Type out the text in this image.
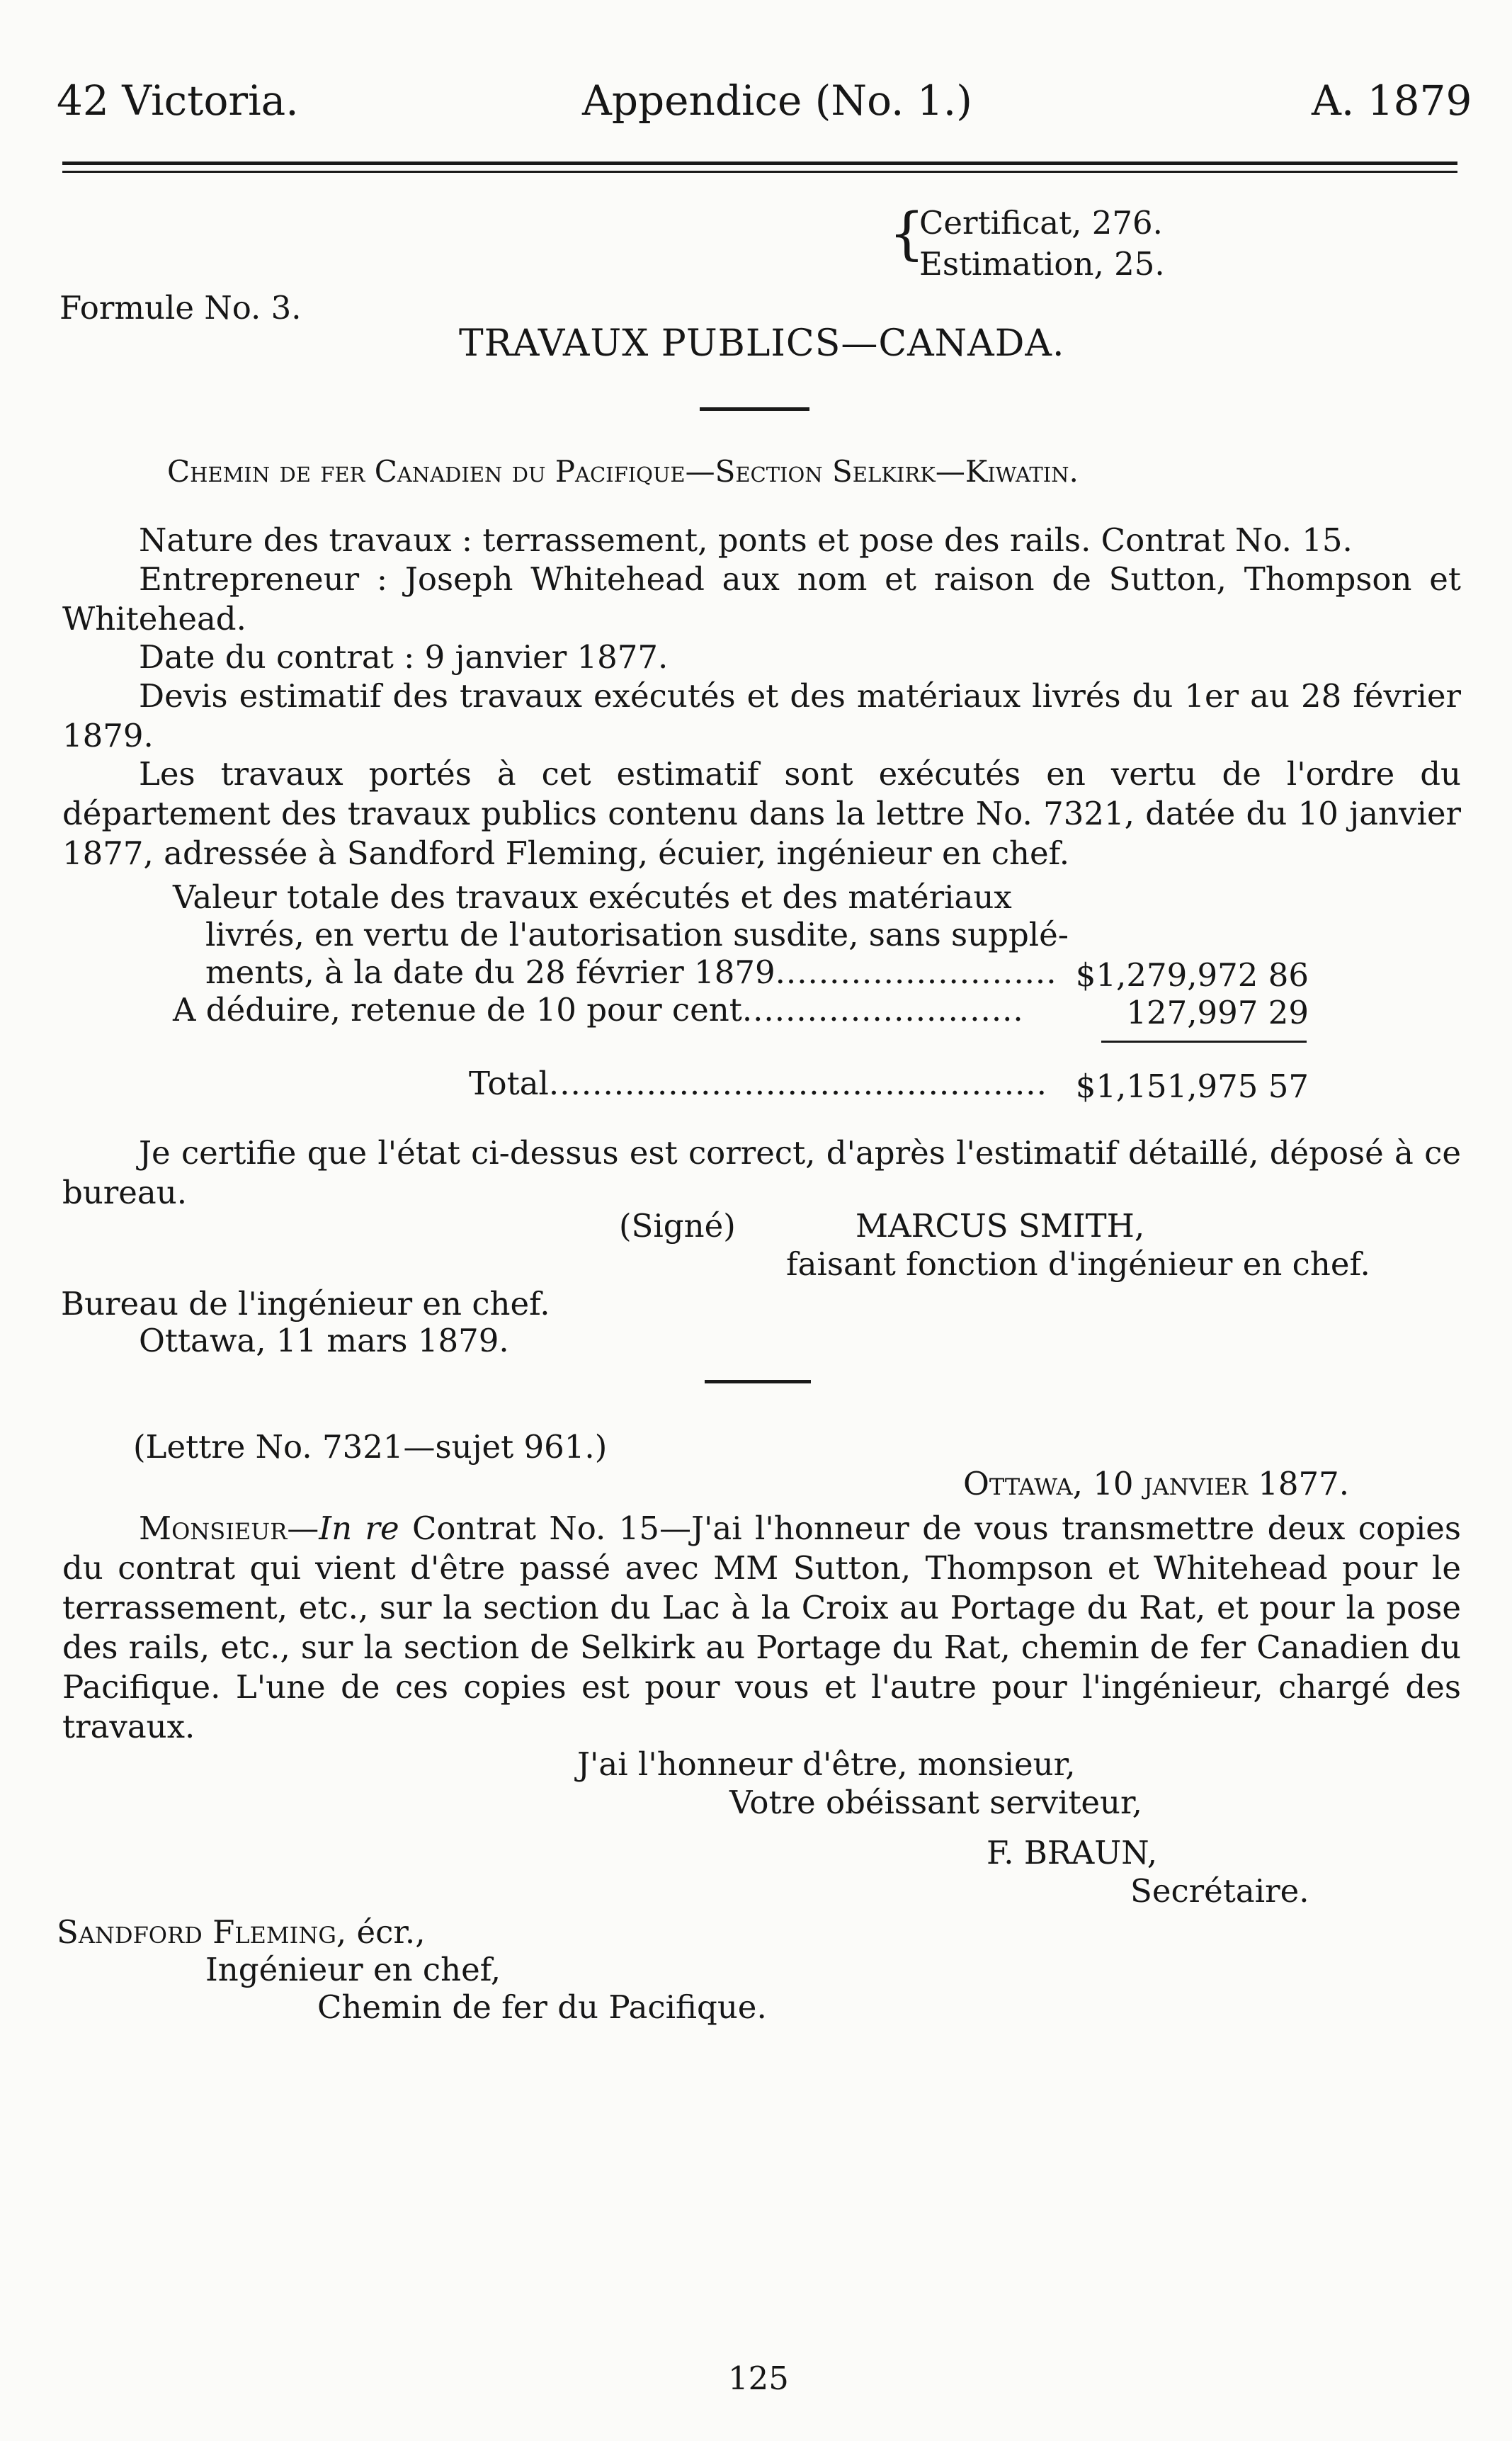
42 Victoria.	Appendice (No. 1.)	A. 1879
{
Certificat, 276.
Estimation, 25.
Formule No. 3.
TRAVAUX PUBLICS—CANADA.
Chemin de fer Canadien du Pacifique—Section Selkirk—Kiwatin.
Nature des travaux : terrassement, ponts et pose des rails. Contrat No. 15.
Entrepreneur : Joseph Whitehead aux nom et raison de Sutton, Thompson et Whitehead.
Date du contrat : 9 janvier 1877.
Devis estimatif des travaux exécutés et des matériaux livrés du 1er au 28 février 1879.
Les travaux portés à cet estimatif sont exécutés en vertu de l'ordre du département des travaux publics contenu dans la lettre No. 7321, datée du 10 janvier 1877, adressée à Sandford Fleming, écuier, ingénieur en chef.
Valeur totale des travaux exécutés et des matériaux
livrés, en vertu de l'autorisation susdite, sans supplé-
ments, à la date du 28 février 1879.......................... $1,279,972 86
A déduire, retenue de 10 pour cent..........................	127,997 29
Total.............................................. $1,151,975 57
Je certifie que l'état ci-dessus est correct, d'après l'estimatif détaillé, déposé à ce bureau.
(Signé)	MARCUS SMITH,
faisant fonction d'ingénieur en chef.
Bureau de l'ingénieur en chef.
Ottawa, 11 mars 1879.
(Lettre No. 7321—sujet 961.)
Ottawa, 10 janvier 1877.
Monsieur—In re Contrat No. 15—J'ai l'honneur de vous transmettre deux copies du contrat qui vient d'être passé avec MM Sutton, Thompson et Whitehead pour le terrassement, etc., sur la section du Lac à la Croix au Portage du Rat, et pour la pose des rails, etc., sur la section de Selkirk au Portage du Rat, chemin de fer Canadien du Pacifique. L'une de ces copies est pour vous et l'autre pour l'ingénieur, chargé des travaux.
J'ai l'honneur d'être, monsieur,
Votre obéissant serviteur,
F. BRAUN,
Secrétaire.
Sandford Fleming, écr.,
Ingénieur en chef,
Chemin de fer du Pacifique.
125
